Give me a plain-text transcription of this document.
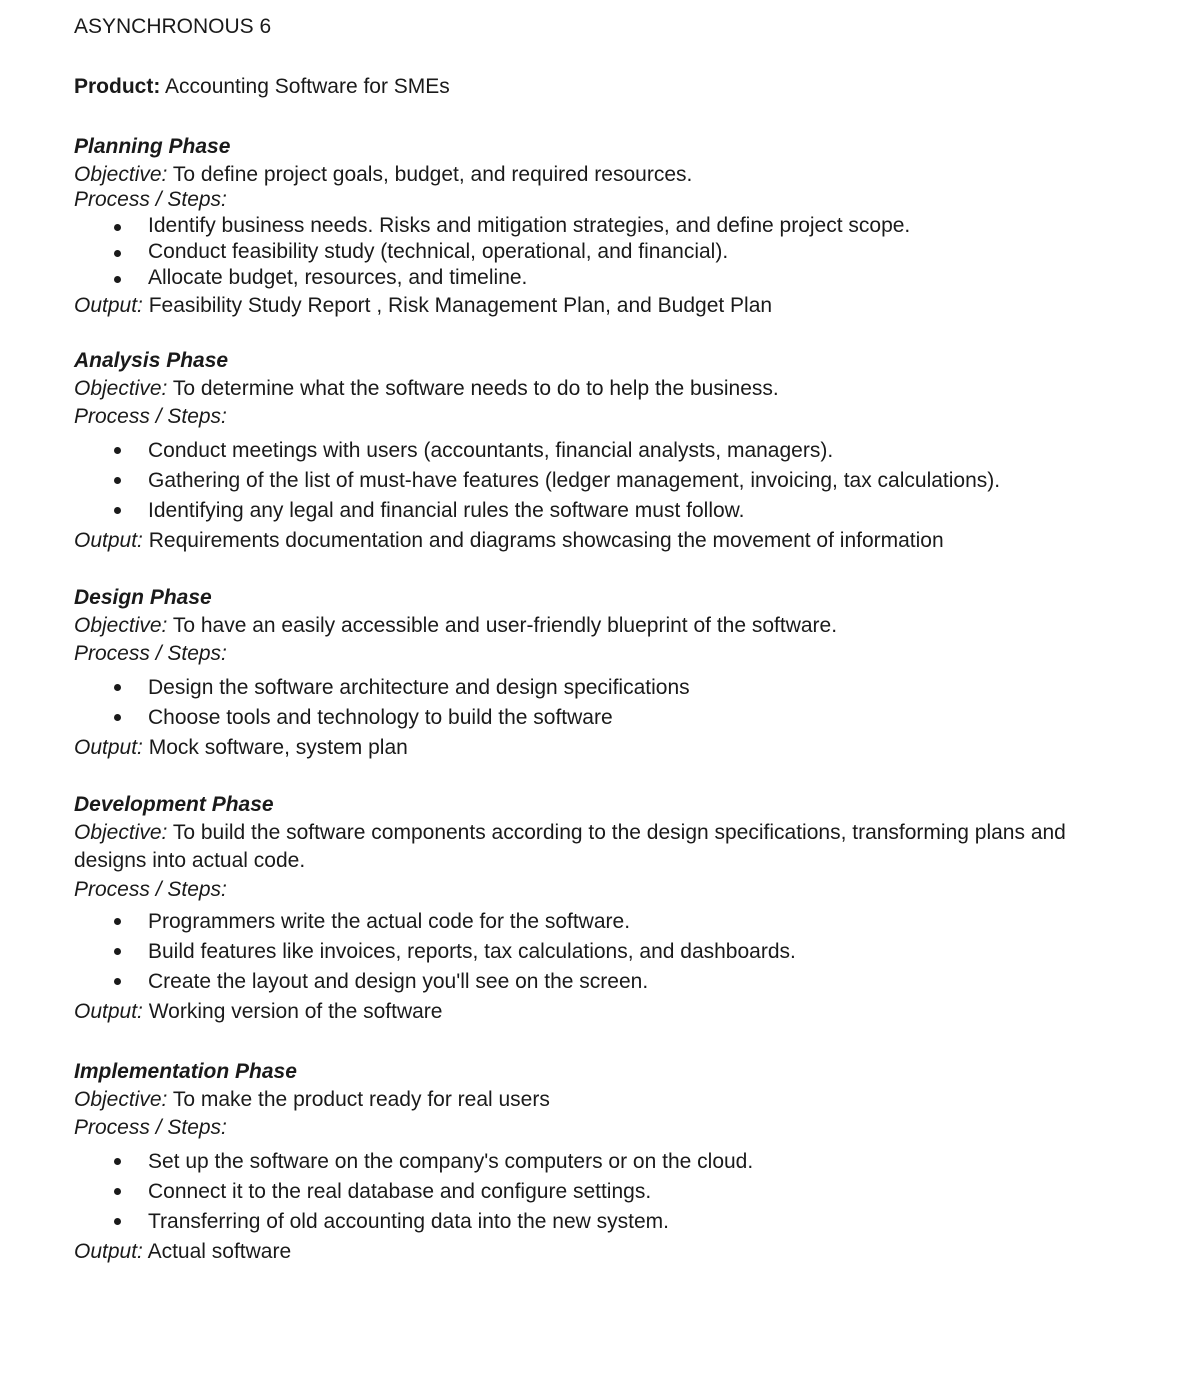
ASYNCHRONOUS 6
Product: Accounting Software for SMEs
Planning Phase
Objective: To define project goals, budget, and required resources.
Process / Steps:
Identify business needs. Risks and mitigation strategies, and define project scope.
Conduct feasibility study (technical, operational, and financial).
Allocate budget, resources, and timeline.
Output: Feasibility Study Report , Risk Management Plan, and Budget Plan
Analysis Phase
Objective: To determine what the software needs to do to help the business.
Process / Steps:
Conduct meetings with users (accountants, financial analysts, managers).
Gathering of the list of must-have features (ledger management, invoicing, tax calculations).
Identifying any legal and financial rules the software must follow.
Output: Requirements documentation and diagrams showcasing the movement of information
Design Phase
Objective: To have an easily accessible and user-friendly blueprint of the software.
Process / Steps:
Design the software architecture and design specifications
Choose tools and technology to build the software
Output: Mock software, system plan
Development Phase
Objective: To build the software components according to the design specifications, transforming plans and designs into actual code.
Process / Steps:
Programmers write the actual code for the software.
Build features like invoices, reports, tax calculations, and dashboards.
Create the layout and design you'll see on the screen.
Output: Working version of the software
Implementation Phase
Objective: To make the product ready for real users
Process / Steps:
Set up the software on the company's computers or on the cloud.
Connect it to the real database and configure settings.
Transferring of old accounting data into the new system.
Output: Actual software
